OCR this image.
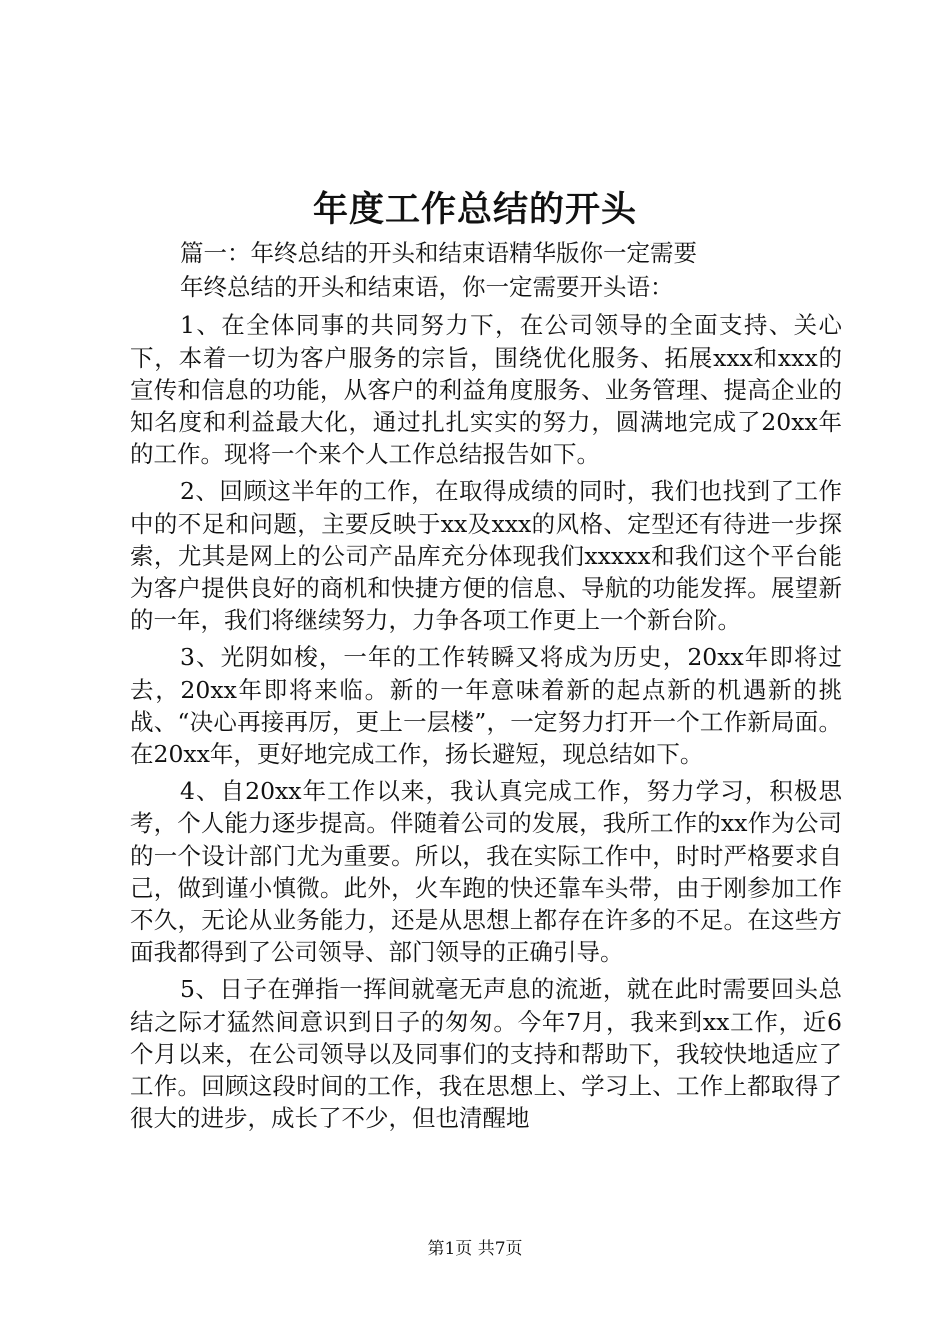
年度工作总结的开头

篇一：年终总结的开头和结束语精华版你一定需要

年终总结的开头和结束语，你一定需要开头语：

1、在全体同事的共同努力下，在公司领导的全面支持、关心下，本着一切为客户服务的宗旨，围绕优化服务、拓展xxx和xxx的宣传和信息的功能，从客户的利益角度服务、业务管理、提高企业的知名度和利益最大化，通过扎扎实实的努力，圆满地完成了20xx年的工作。现将一个来个人工作总结报告如下。

2、回顾这半年的工作，在取得成绩的同时，我们也找到了工作中的不足和问题，主要反映于xx及xxx的风格、定型还有待进一步探索，尤其是网上的公司产品库充分体现我们xxxxx和我们这个平台能为客户提供良好的商机和快捷方便的信息、导航的功能发挥。展望新的一年，我们将继续努力，力争各项工作更上一个新台阶。

3、光阴如梭，一年的工作转瞬又将成为历史，20xx年即将过去，20xx年即将来临。新的一年意味着新的起点新的机遇新的挑战、“决心再接再厉，更上一层楼”，一定努力打开一个工作新局面。在20xx年，更好地完成工作，扬长避短，现总结如下。

4、自20xx年工作以来，我认真完成工作，努力学习，积极思考，个人能力逐步提高。伴随着公司的发展，我所工作的xx作为公司的一个设计部门尤为重要。所以，我在实际工作中，时时严格要求自己，做到谨小慎微。此外，火车跑的快还靠车头带，由于刚参加工作不久，无论从业务能力，还是从思想上都存在许多的不足。在这些方面我都得到了公司领导、部门领导的正确引导。

5、日子在弹指一挥间就毫无声息的流逝，就在此时需要回头总结之际才猛然间意识到日子的匆匆。今年7月，我来到xx工作，近6个月以来，在公司领导以及同事们的支持和帮助下，我较快地适应了工作。回顾这段时间的工作，我在思想上、学习上、工作上都取得了很大的进步，成长了不少，但也清醒地

第1页 共7页
